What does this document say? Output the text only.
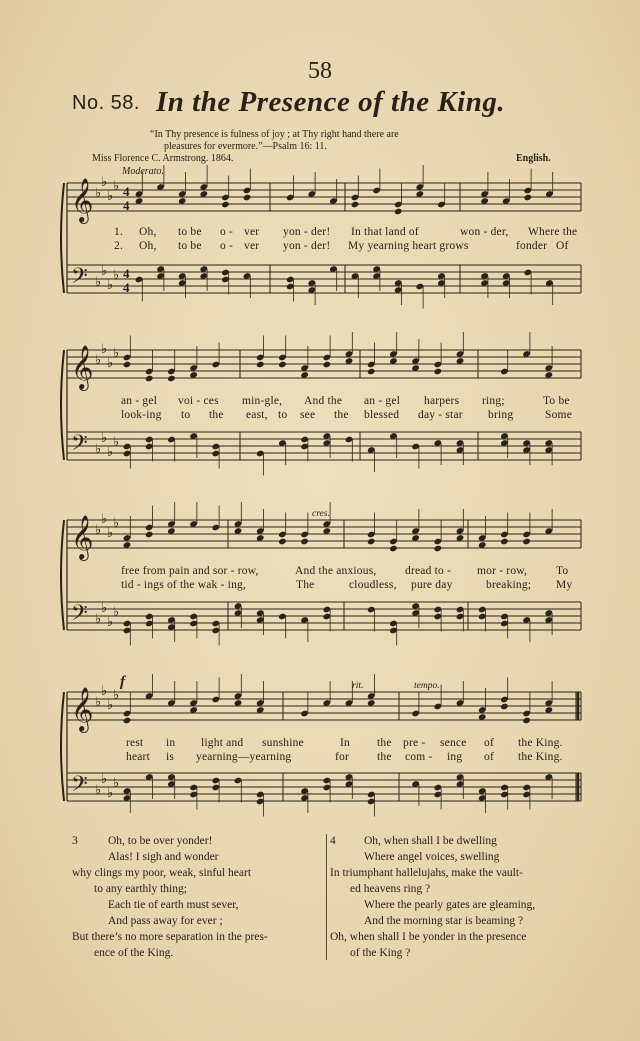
58
No. 58. In the Presence of the King.
“In Thy presence is fulness of joy ; at Thy right hand there are
pleasures for evermore.”—Psalm 16: 11.
Miss Florence C. Armstrong. 1864.	English.
Moderato.
𝄞 ♭
♭
♭
♭ 4
4
𝄢 ♭
♭
♭
♭ 4
4
𝄞 ♭
♭
♭
♭
𝄢 ♭
♭
♭
♭
𝄞 ♭
♭
♭
♭
𝄢 ♭
♭
♭
♭
𝄞 ♭
♭
♭
♭
𝄢 ♭
♭
♭
♭
1. Oh, to be o - ver yon - der! In that land of	won - der, Where the
2. Oh, to be o - ver yon - der! My yearning heart grows	fonder Of
an - gel voi - ces min-gle, And the an - gel harpers ring;	To be
look-ing to the east, to see the blessed day - star bring	Some
cres.
free from pain and sor - row,	And the anxious, dread to - mor - row,	To
tid - ings of the wak - ing,	The	cloudless, pure day	breaking; My
f	rit.	tempo.
rest in light and sunshine	In the pre - sence of the King.
heart is yearning—yearning	for the com - ing of the King.
3	Oh, to be over yonder!
Alas! I sigh and wonder
why clings my poor, weak, sinful heart
to any earthly thing;
Each tie of earth must sever,
And pass away for ever ;
But there’s no more separation in the pres-
ence of the King.
4	Oh, when shall I be dwelling
Where angel voices, swelling
In triumphant hallelujahs, make the vault-
ed heavens ring ?
Where the pearly gates are gleaming,
And the morning star is beaming ?
Oh, when shall I be yonder in the presence
of the King ?
